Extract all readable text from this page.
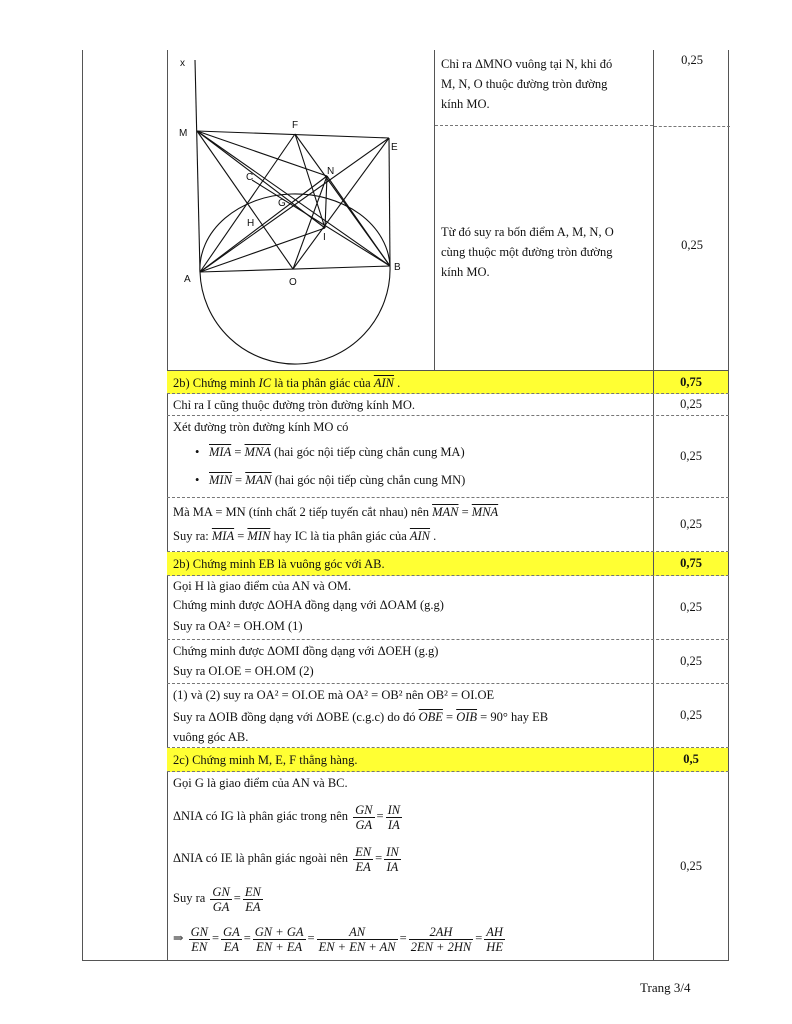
x
M
F
E
C
N
G
H
I
A
B
O
Chỉ ra ΔMNO vuông tại N, khi đó
M, N, O thuộc đường tròn đường
kính MO.
Từ đó suy ra bốn điểm A, M, N, O
cùng thuộc một đường tròn đường
kính MO.
0,25
0,25
2b) Chứng minh IC là tia phân giác của $\overline{AIN}$ .	0,75
Chỉ ra I cũng thuộc đường tròn đường kính MO.	0,25
Xét đường tròn đường kính MO có
• $\overline{MIA} = \overline{MNA}$ (hai góc nội tiếp cùng chắn cung MA)
• $\overline{MIN} = \overline{MAN}$ (hai góc nội tiếp cùng chắn cung MN)
0,25
Mà MA = MN (tính chất 2 tiếp tuyến cắt nhau) nên $\overline{MAN} = \overline{MNA}$
Suy ra: $\overline{MIA} = \overline{MIN}$ hay IC là tia phân giác của $\overline{AIN}$ .
0,25
2b) Chứng minh EB là vuông góc với AB.	0,75
Gọi H là giao điểm của AN và OM.
Chứng minh được ΔOHA đồng dạng với ΔOAM (g.g)
Suy ra OA² = OH.OM (1)
0,25
Chứng minh được ΔOMI đồng dạng với ΔOEH (g.g)
Suy ra OI.OE = OH.OM (2)
0,25
(1) và (2) suy ra OA² = OI.OE mà OA² = OB² nên OB² = OI.OE
Suy ra ΔOIB đồng dạng với ΔOBE (c.g.c) do đó $\overline{OBE} = \overline{OIB} = 90^\circ$ hay EB
vuông góc AB.
0,25
2c) Chứng minh M, E, F thẳng hàng.	0,5
Gọi G là giao điểm của AN và BC.
ΔNIA có IG là phân giác trong nên $\frac{GN}{GA} = \frac{IN}{IA}$
ΔNIA có IE là phân giác ngoài nên $\frac{EN}{EA} = \frac{IN}{IA}$
Suy ra $\frac{GN}{GA} = \frac{EN}{EA}$
⇒ $\frac{GN}{EN} = \frac{GA}{EA} = \frac{GN + GA}{EN + EA} = \frac{AN}{EN + EN + AN} = \frac{2AH}{2EN + 2HN} = \frac{AH}{HE}$
0,25
Trang 3/4
